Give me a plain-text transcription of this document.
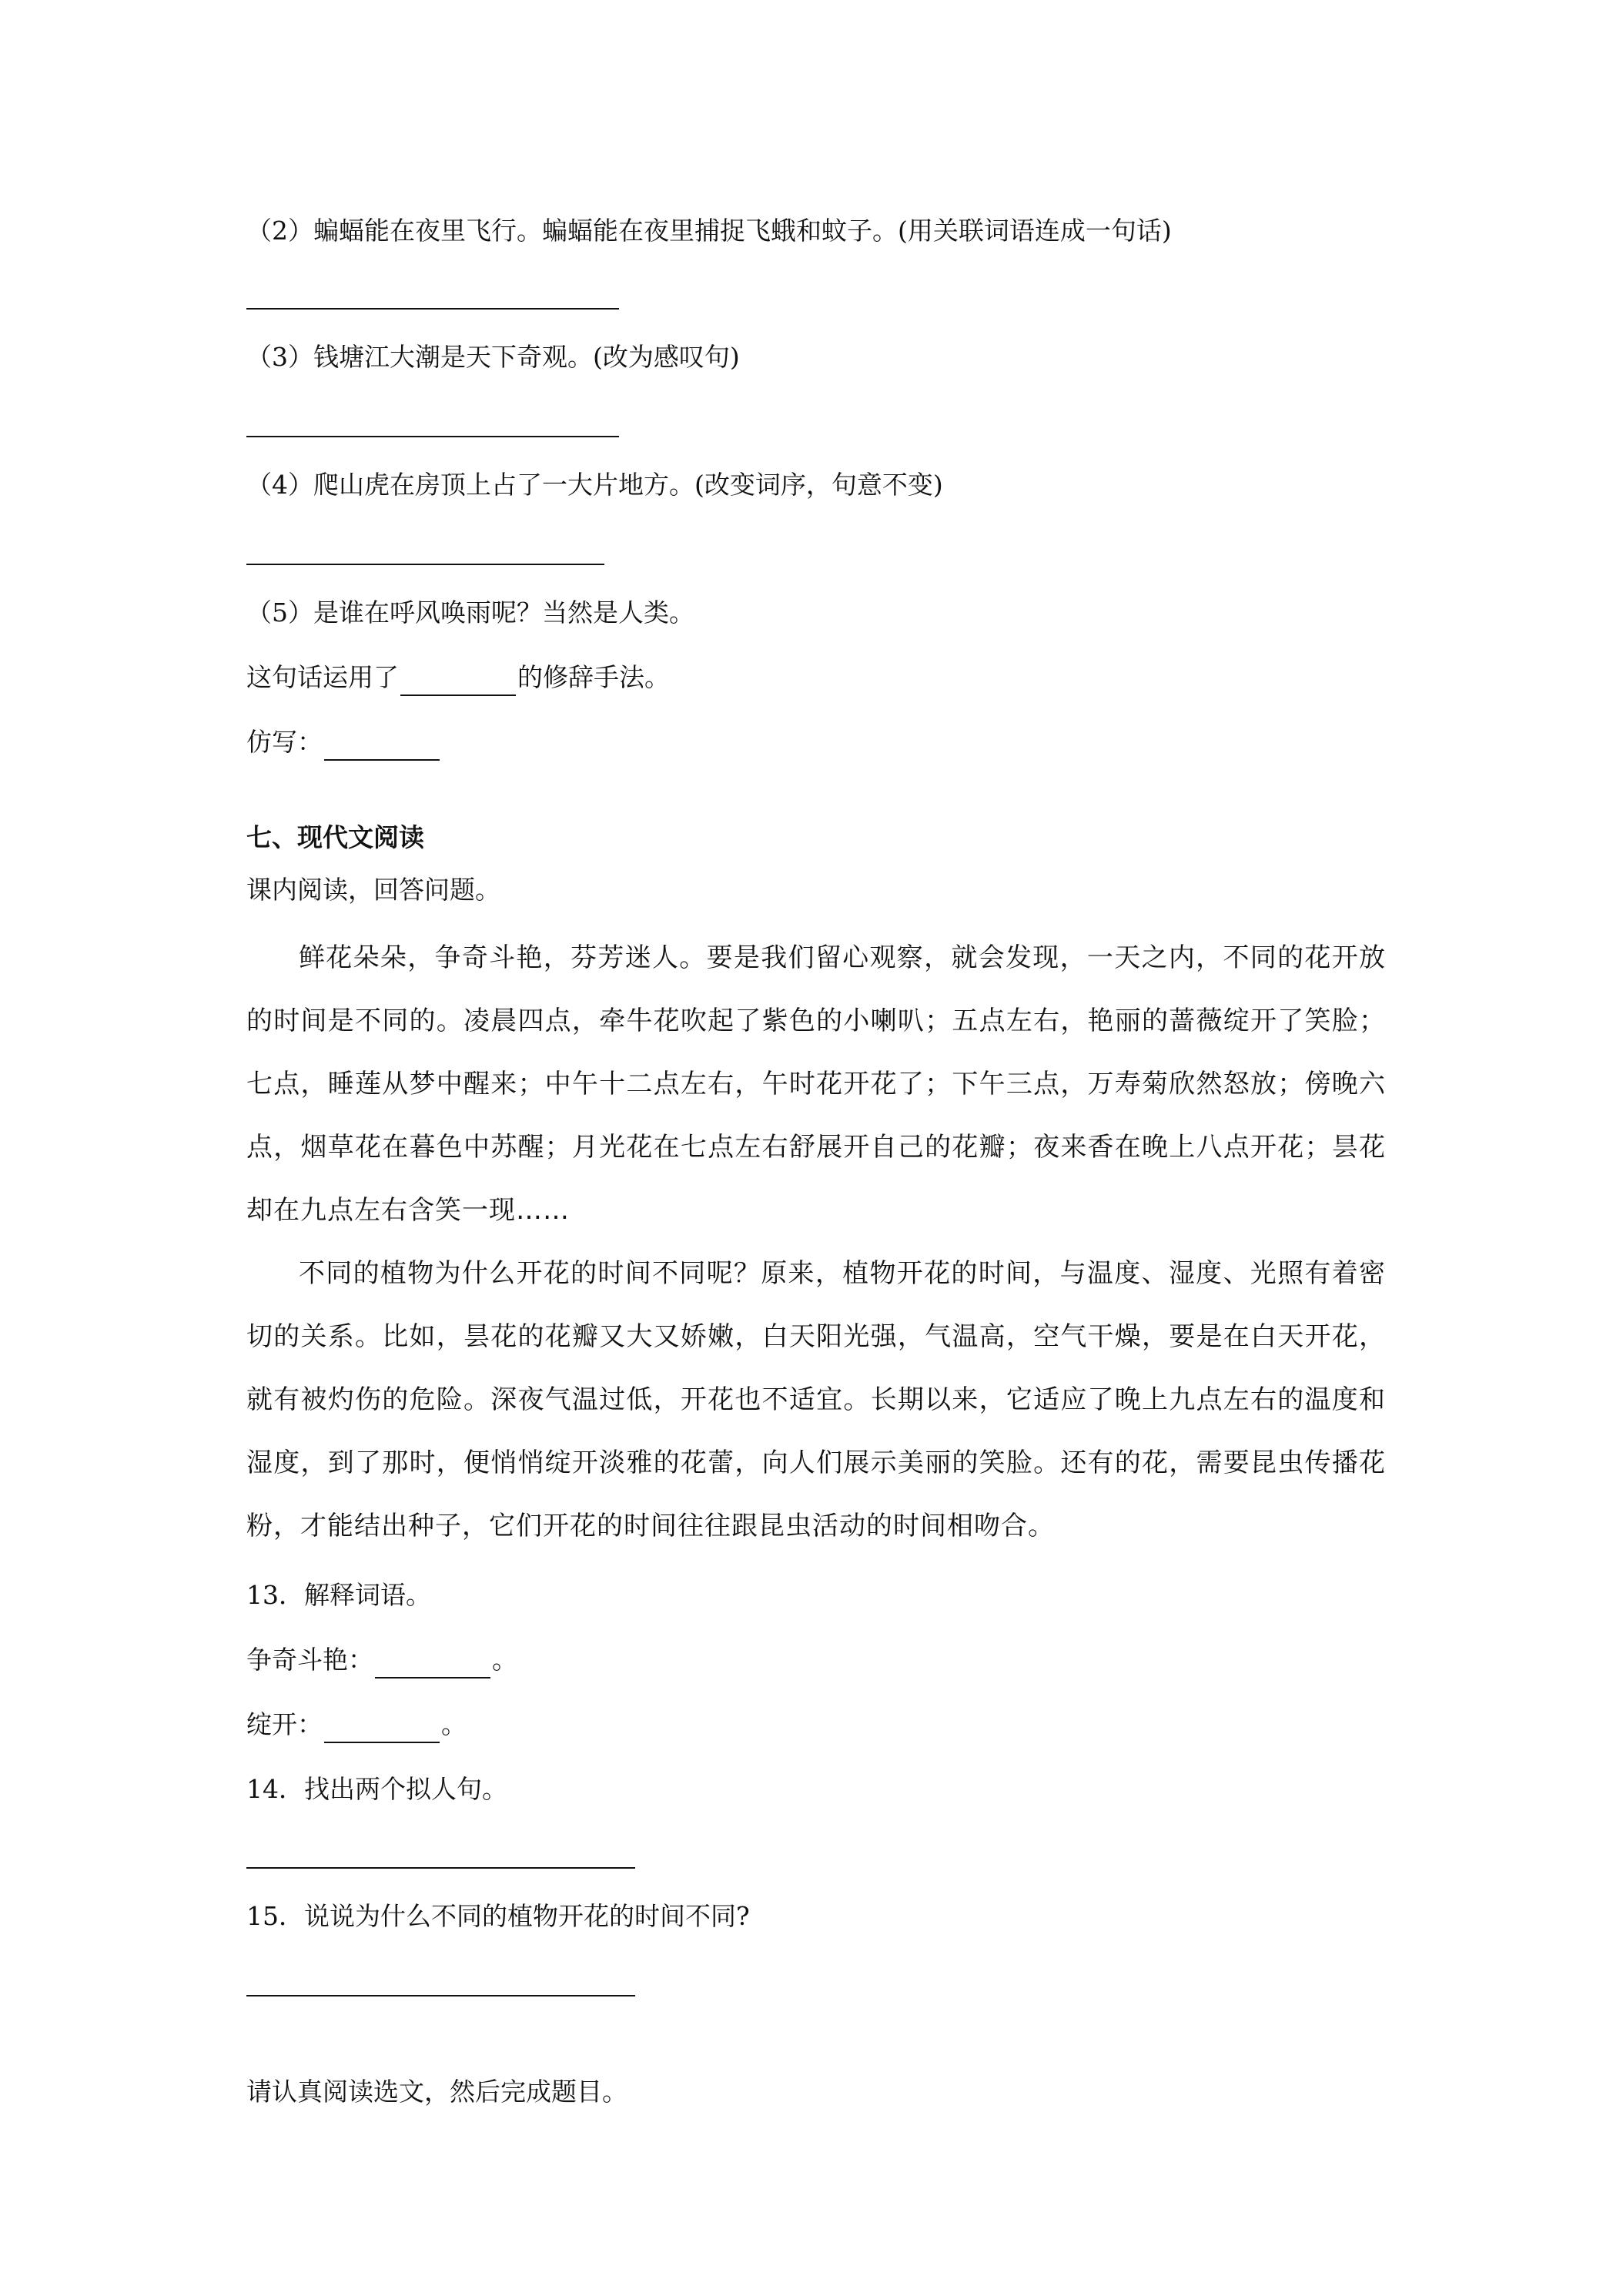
（2）蝙蝠能在夜里飞行。蝙蝠能在夜里捕捉飞蛾和蚊子。(用关联词语连成一句话)
（3）钱塘江大潮是天下奇观。(改为感叹句)
（4）爬山虎在房顶上占了一大片地方。(改变词序，句意不变)
（5）是谁在呼风唤雨呢？当然是人类。
这句话运用了	的修辞手法。
仿写：
七、现代文阅读
课内阅读，回答问题。
鲜花朵朵，争奇斗艳，芬芳迷人。要是我们留心观察，就会发现，一天之内，不同的花开放的时间是不同的。凌晨四点，牵牛花吹起了紫色的小喇叭；五点左右，艳丽的蔷薇绽开了笑脸；七点，睡莲从梦中醒来；中午十二点左右，午时花开花了；下午三点，万寿菊欣然怒放；傍晚六点，烟草花在暮色中苏醒；月光花在七点左右舒展开自己的花瓣；夜来香在晚上八点开花；昙花却在九点左右含笑一现……
不同的植物为什么开花的时间不同呢？原来，植物开花的时间，与温度、湿度、光照有着密切的关系。比如，昙花的花瓣又大又娇嫩，白天阳光强，气温高，空气干燥，要是在白天开花，就有被灼伤的危险。深夜气温过低，开花也不适宜。长期以来，它适应了晚上九点左右的温度和湿度，到了那时，便悄悄绽开淡雅的花蕾，向人们展示美丽的笑脸。还有的花，需要昆虫传播花粉，才能结出种子，它们开花的时间往往跟昆虫活动的时间相吻合。
13．解释词语。
争奇斗艳：	。
绽开：	。
14．找出两个拟人句。
15．说说为什么不同的植物开花的时间不同?
请认真阅读选文，然后完成题目。
